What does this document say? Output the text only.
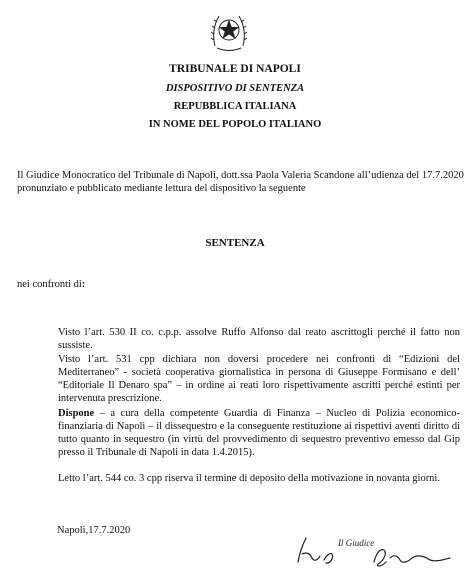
TRIBUNALE DI NAPOLI
DISPOSITIVO DI SENTENZA
REPUBBLICA ITALIANA
IN NOME DEL POPOLO ITALIANO
Il Giudice Monocratico del Tribunale di Napoli, dott.ssa Paola Valeria Scandone all’udienza del 17.7.2020
pronunziato e pubblicato mediante lettura del dispositivo la seguente
SENTENZA
nei confronti di:
Visto l’art. 530 II co. c.p.p. assolve Ruffo Alfonso dal reato ascrittogli perché il fatto non sussiste.
Visto l’art. 531 cpp dichiara non doversi procedere nei confronti di “Edizioni del Mediterraneo” - società cooperativa giornalistica in persona di Giuseppe Formisano e dell’ “Editoriale Il Denaro spa” – in ordine ai reati loro rispettivamente ascritti perché estinti per intervenuta prescrizione.
Dispone – a cura della competente Guardia di Finanza – Nucleo di Polizia economico-finanziaria di Napoli – il dissequestro e la conseguente restituzione ai rispettivi aventi diritto di tutto quanto in sequestro (in virtù del provvedimento di sequestro preventivo emesso dal Gip presso il Tribunale di Napoli in data 1.4.2015).
Letto l’art. 544 co. 3 cpp riserva il termine di deposito della motivazione in novanta giorni.
Napoli,17.7.2020
Il Giudice
